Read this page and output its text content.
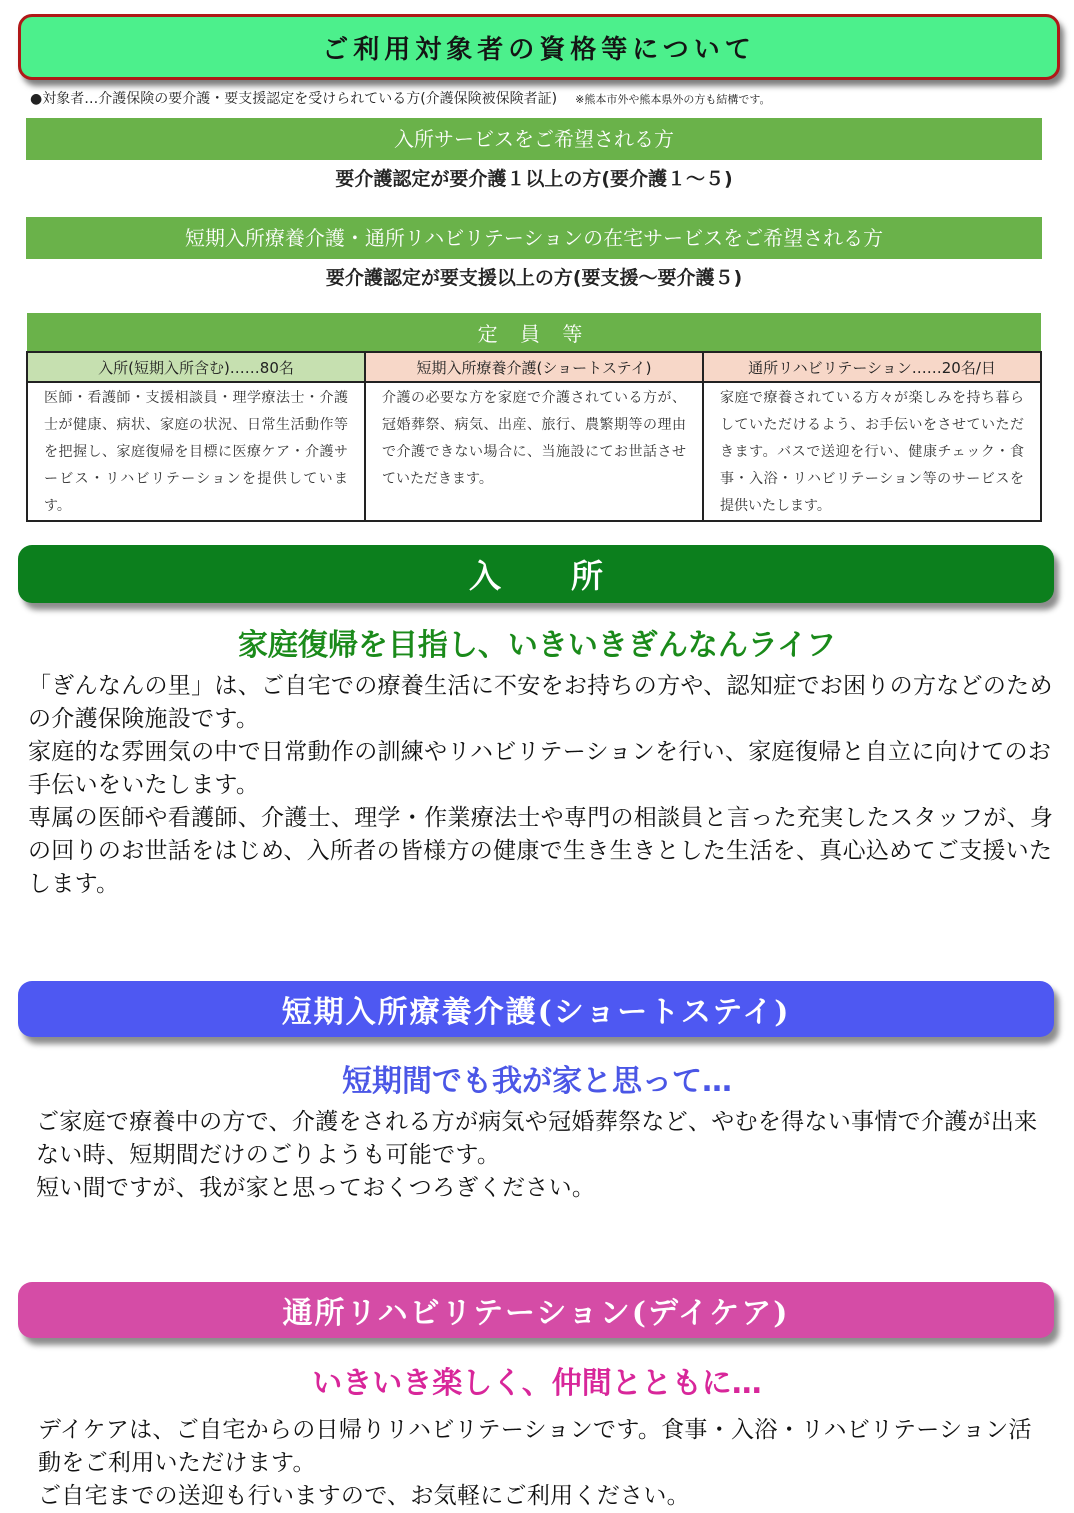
ご利用対象者の資格等について
●対象者…介護保険の要介護・要支援認定を受けられている方(介護保険被保険者証) ※熊本市外や熊本県外の方も結構です。
入所サービスをご希望される方
要介護認定が要介護１以上の方(要介護１～５)
短期入所療養介護・通所リハビリテーションの在宅サービスをご希望される方
要介護認定が要支援以上の方(要支援～要介護５)
定 員 等		
入所(短期入所含む)……80名	短期入所療養介護(ショートステイ)	通所リハビリテーション……20名/日
医師・看護師・支援相談員・理学療法士・介護士が健康、病状、家庭の状況、日常生活動作等を把握し、家庭復帰を目標に医療ケア・介護サービス・リハビリテーションを提供しています。	介護の必要な方を家庭で介護されている方が、冠婚葬祭、病気、出産、旅行、農繁期等の理由で介護できない場合に、当施設にてお世話させていただきます。	家庭で療養されている方々が楽しみを持ち暮らしていただけるよう、お手伝いをさせていただきます。バスで送迎を行い、健康チェック・食事・入浴・リハビリテーション等のサービスを提供いたします。
入 所
家庭復帰を目指し、いきいきぎんなんライフ
「ぎんなんの里」は、ご自宅での療養生活に不安をお持ちの方や、認知症でお困りの方などのための介護保険施設です。
家庭的な雰囲気の中で日常動作の訓練やリハビリテーションを行い、家庭復帰と自立に向けてのお手伝いをいたします。
専属の医師や看護師、介護士、理学・作業療法士や専門の相談員と言った充実したスタッフが、身の回りのお世話をはじめ、入所者の皆様方の健康で生き生きとした生活を、真心込めてご支援いたします。
短期入所療養介護(ショートステイ)
短期間でも我が家と思って…
ご家庭で療養中の方で、介護をされる方が病気や冠婚葬祭など、やむを得ない事情で介護が出来ない時、短期間だけのごりようも可能です。
短い間ですが、我が家と思っておくつろぎください。
通所リハビリテーション(デイケア)
いきいき楽しく、仲間とともに…
デイケアは、ご自宅からの日帰りリハビリテーションです。食事・入浴・リハビリテーション活動をご利用いただけます。
ご自宅までの送迎も行いますので、お気軽にご利用ください。
